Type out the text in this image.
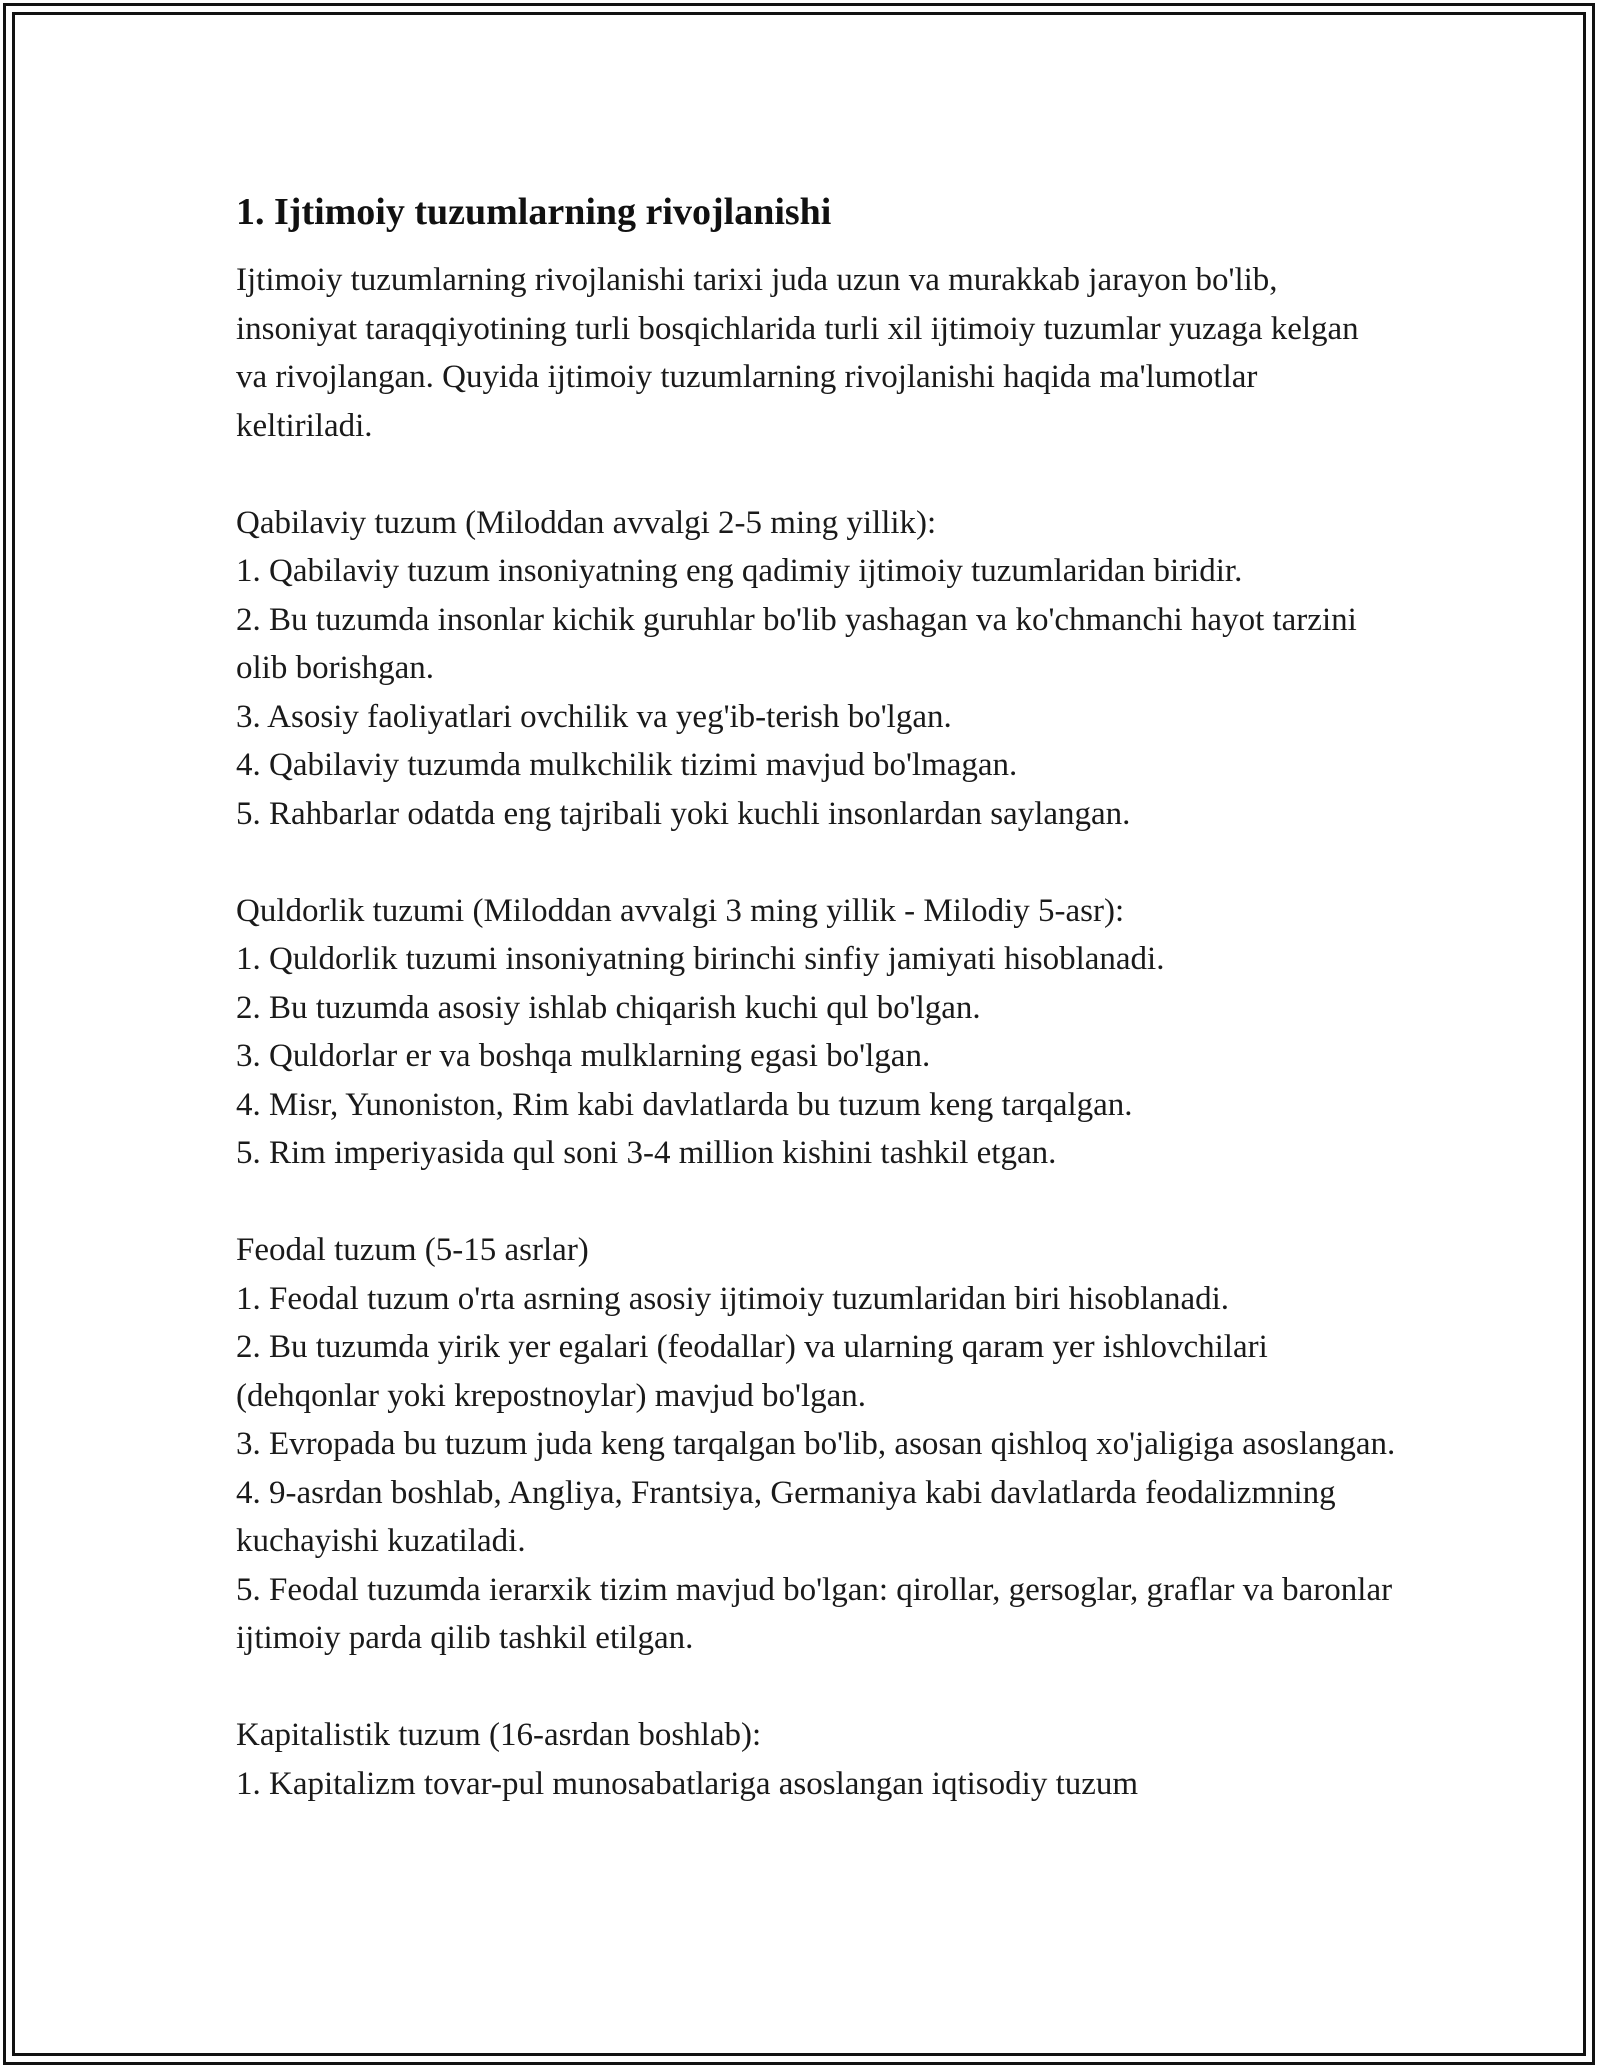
1. Ijtimoiy tuzumlarning rivojlanishi

Ijtimoiy tuzumlarning rivojlanishi tarixi juda uzun va murakkab jarayon bo'lib, insoniyat taraqqiyotining turli bosqichlarida turli xil ijtimoiy tuzumlar yuzaga kelgan va rivojlangan. Quyida ijtimoiy tuzumlarning rivojlanishi haqida ma'lumotlar keltiriladi.

Qabilaviy tuzum (Miloddan avvalgi 2-5 ming yillik):

1. Qabilaviy tuzum insoniyatning eng qadimiy ijtimoiy tuzumlaridan biridir.

2. Bu tuzumda insonlar kichik guruhlar bo'lib yashagan va ko'chmanchi hayot tarzini olib borishgan.

3. Asosiy faoliyatlari ovchilik va yeg'ib-terish bo'lgan.

4. Qabilaviy tuzumda mulkchilik tizimi mavjud bo'lmagan.

5. Rahbarlar odatda eng tajribali yoki kuchli insonlardan saylangan.

Quldorlik tuzumi (Miloddan avvalgi 3 ming yillik - Milodiy 5-asr):

1. Quldorlik tuzumi insoniyatning birinchi sinfiy jamiyati hisoblanadi.

2. Bu tuzumda asosiy ishlab chiqarish kuchi qul bo'lgan.

3. Quldorlar er va boshqa mulklarning egasi bo'lgan.

4. Misr, Yunoniston, Rim kabi davlatlarda bu tuzum keng tarqalgan.

5. Rim imperiyasida qul soni 3-4 million kishini tashkil etgan.

Feodal tuzum (5-15 asrlar)

1. Feodal tuzum o'rta asrning asosiy ijtimoiy tuzumlaridan biri hisoblanadi.

2. Bu tuzumda yirik yer egalari (feodallar) va ularning qaram yer ishlovchilari (dehqonlar yoki krepostnoylar) mavjud bo'lgan.

3. Evropada bu tuzum juda keng tarqalgan bo'lib, asosan qishloq xo'jaligiga asoslangan.

4. 9-asrdan boshlab, Angliya, Frantsiya, Germaniya kabi davlatlarda feodalizmning kuchayishi kuzatiladi.

5. Feodal tuzumda ierarxik tizim mavjud bo'lgan: qirollar, gersoglar, graflar va baronlar ijtimoiy parda qilib tashkil etilgan.

Kapitalistik tuzum (16-asrdan boshlab):

1. Kapitalizm tovar-pul munosabatlariga asoslangan iqtisodiy tuzum
